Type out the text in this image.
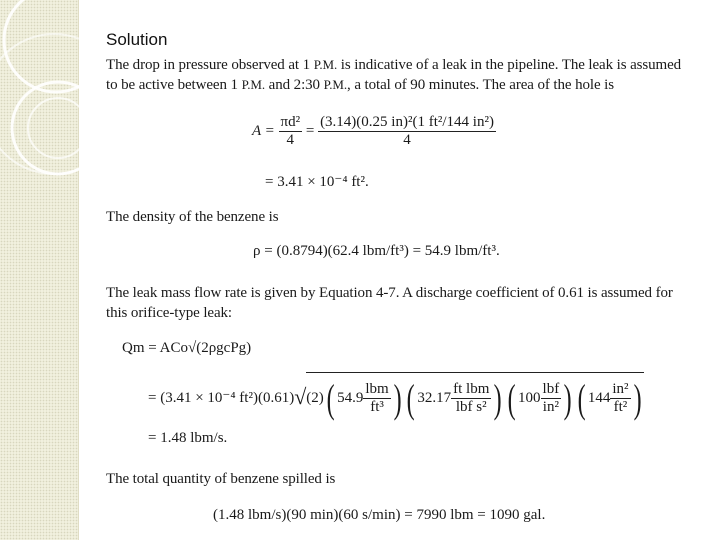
Solution
The drop in pressure observed at 1 P.M. is indicative of a leak in the pipeline. The leak is assumed to be active between 1 P.M. and 2:30 P.M., a total of 90 minutes. The area of the hole is
$A = \frac{\text{πd²}}{4} = \frac{\text{(3.14)(0.25 in)²(1 ft²/144 in²)}}{4}$
= 3.41 × 10⁻⁴ ft².
The density of the benzene is
ρ = (0.8794)(62.4 lbm/ft³) = 54.9 lbm/ft³.
The leak mass flow rate is given by Equation 4-7. A discharge coefficient of 0.61 is assumed for this orifice-type leak:
Qm = ACo√(2ρgcPg)
= (3.41 × 10⁻⁴ ft²)(0.61) √ (2) ( $54.9 \frac{\text{lbm}}{\text{ft³}}$ ) ( $32.17 \frac{\text{ft lbm}}{\text{lbf s²}}$ ) ( $100 \frac{\text{lbf}}{\text{in²}}$ ) ( $144 \frac{\text{in²}}{\text{ft²}}$ )
= 1.48 lbm/s.
The total quantity of benzene spilled is
(1.48 lbm/s)(90 min)(60 s/min) = 7990 lbm = 1090 gal.
